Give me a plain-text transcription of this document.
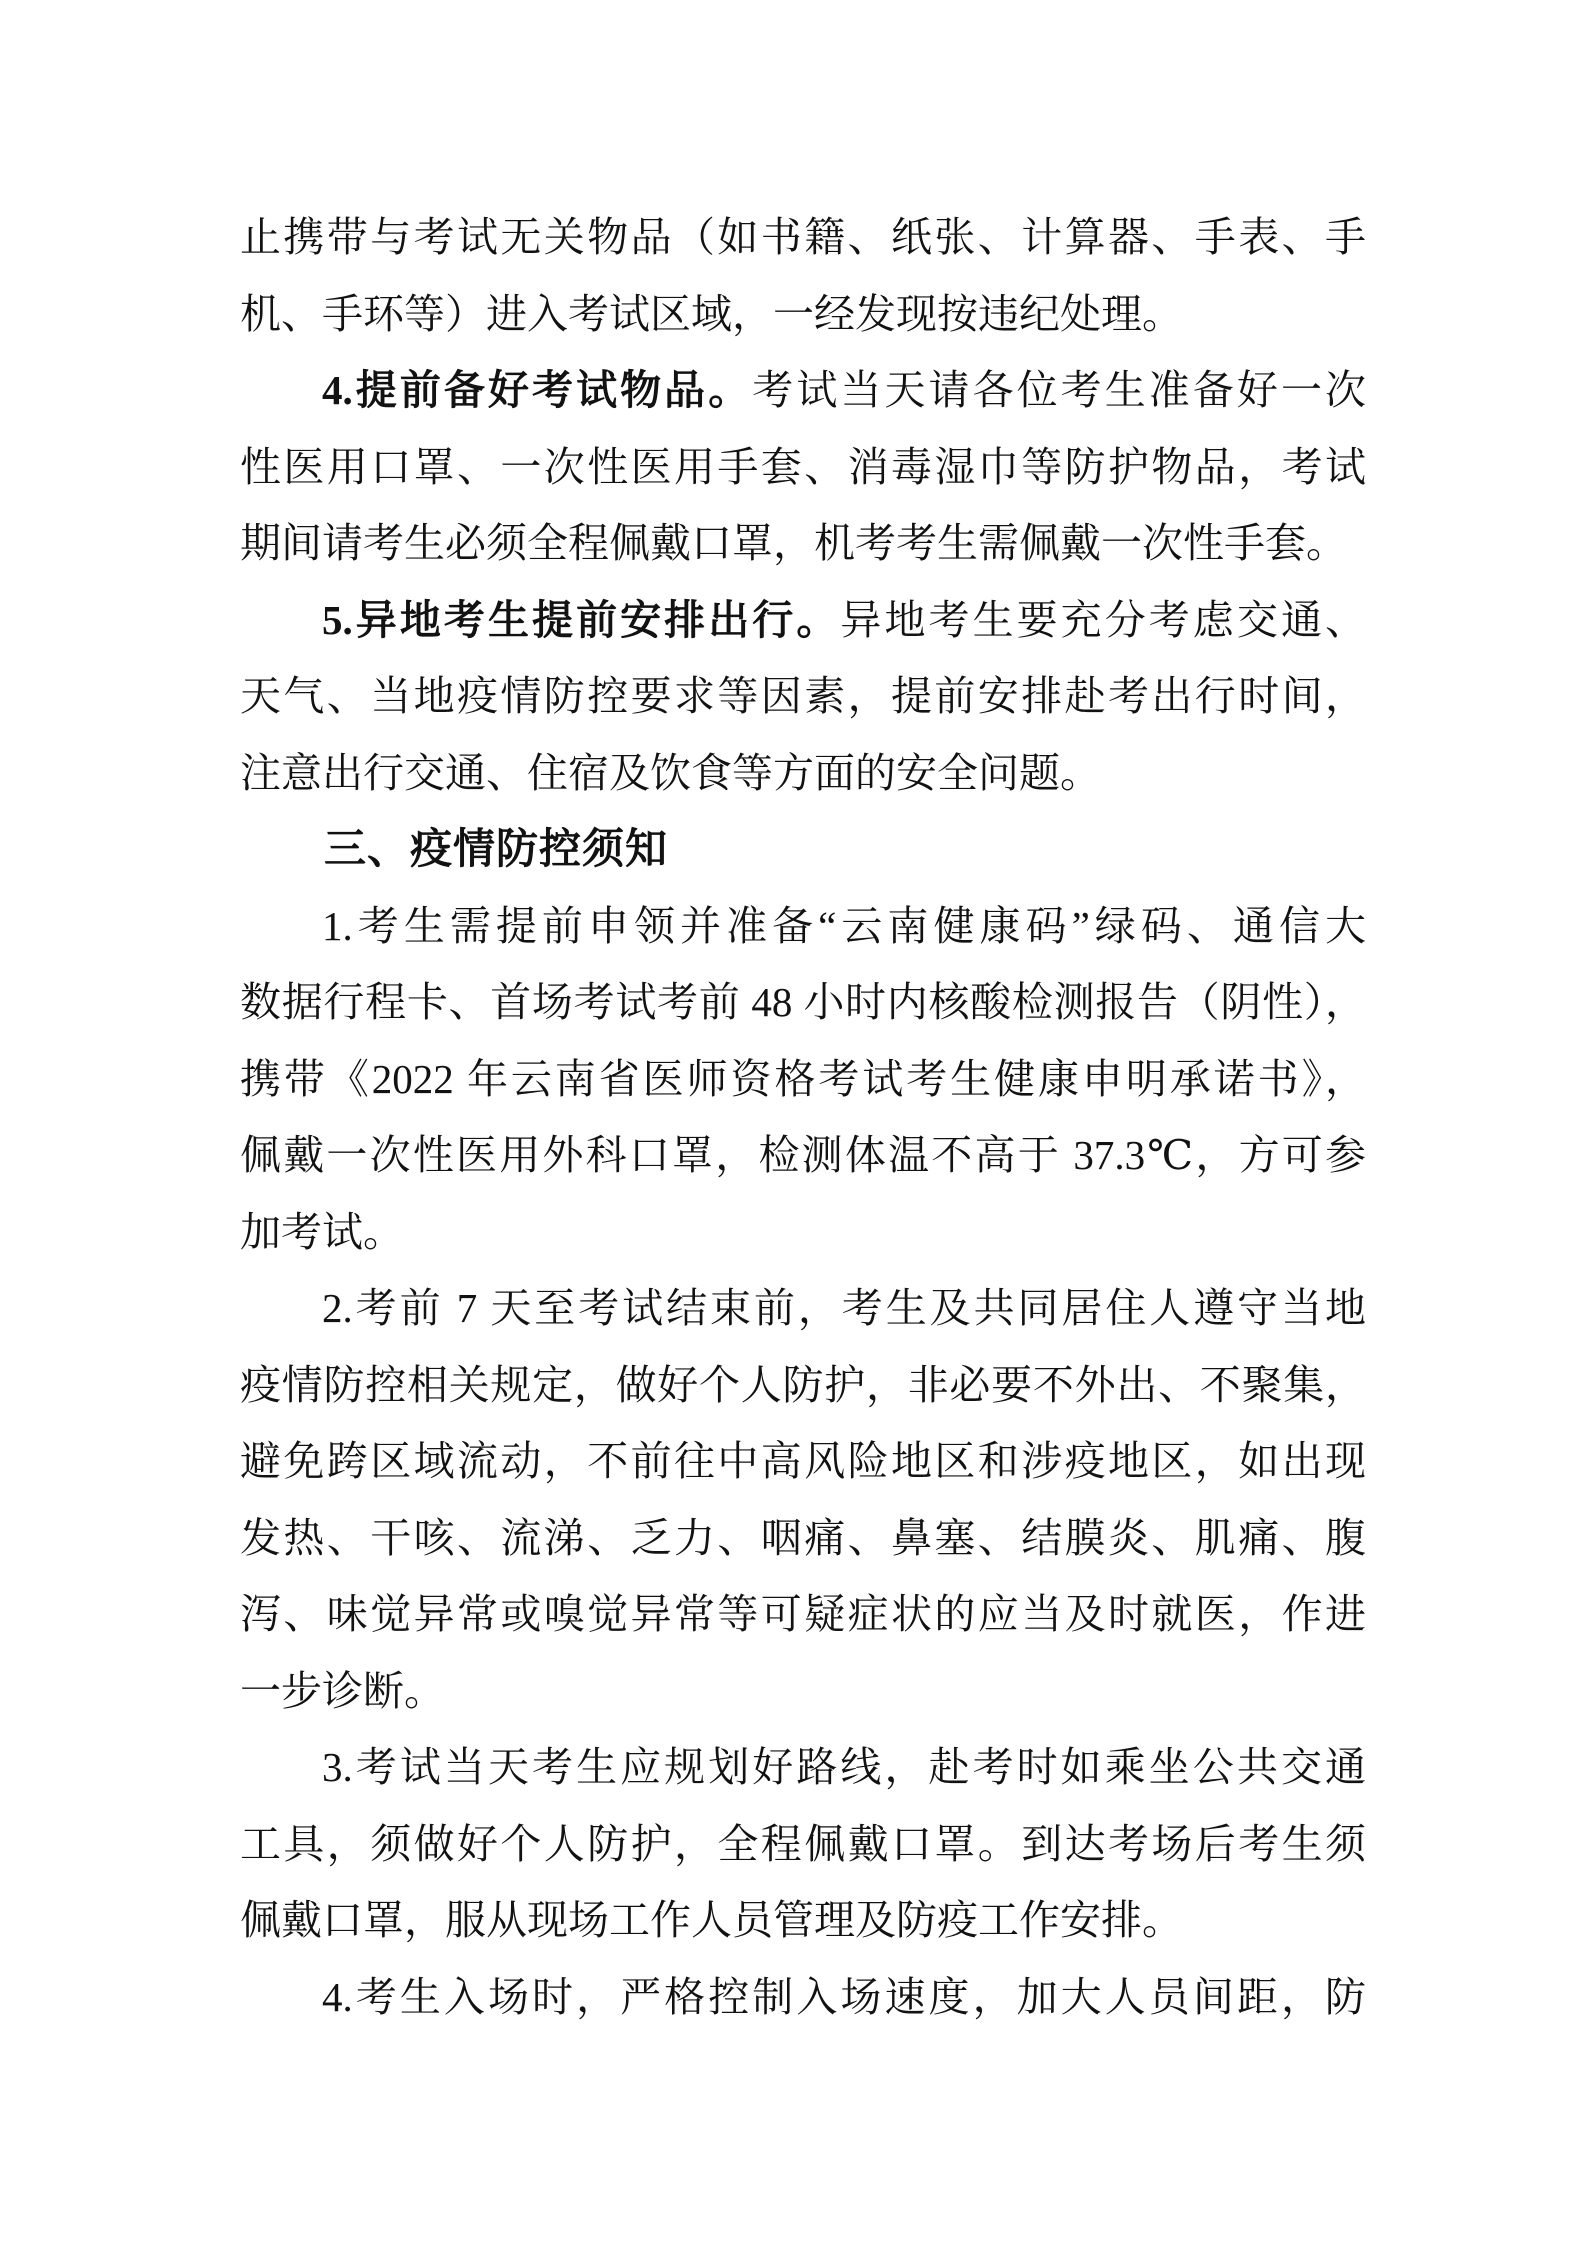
止携带与考试无关物品（如书籍、纸张、计算器、手表、手
机、手环等）进入考试区域，一经发现按违纪处理。
4.提前备好考试物品。考试当天请各位考生准备好一次
性医用口罩、一次性医用手套、消毒湿巾等防护物品，考试
期间请考生必须全程佩戴口罩，机考考生需佩戴一次性手套。
5.异地考生提前安排出行。异地考生要充分考虑交通、
天气、当地疫情防控要求等因素，提前安排赴考出行时间，
注意出行交通、住宿及饮食等方面的安全问题。
三、疫情防控须知
1.考生需提前申领并准备“云南健康码”绿码、通信大
数据行程卡、首场考试考前 48 小时内核酸检测报告（阴性），
携带《2022 年云南省医师资格考试考生健康申明承诺书》，
佩戴一次性医用外科口罩，检测体温不高于 37.3℃，方可参
加考试。
2.考前 7 天至考试结束前，考生及共同居住人遵守当地
疫情防控相关规定，做好个人防护，非必要不外出、不聚集，
避免跨区域流动，不前往中高风险地区和涉疫地区，如出现
发热、干咳、流涕、乏力、咽痛、鼻塞、结膜炎、肌痛、腹
泻、味觉异常或嗅觉异常等可疑症状的应当及时就医，作进
一步诊断。
3.考试当天考生应规划好路线，赴考时如乘坐公共交通
工具，须做好个人防护，全程佩戴口罩。到达考场后考生须
佩戴口罩，服从现场工作人员管理及防疫工作安排。
4.考生入场时，严格控制入场速度，加大人员间距，防
